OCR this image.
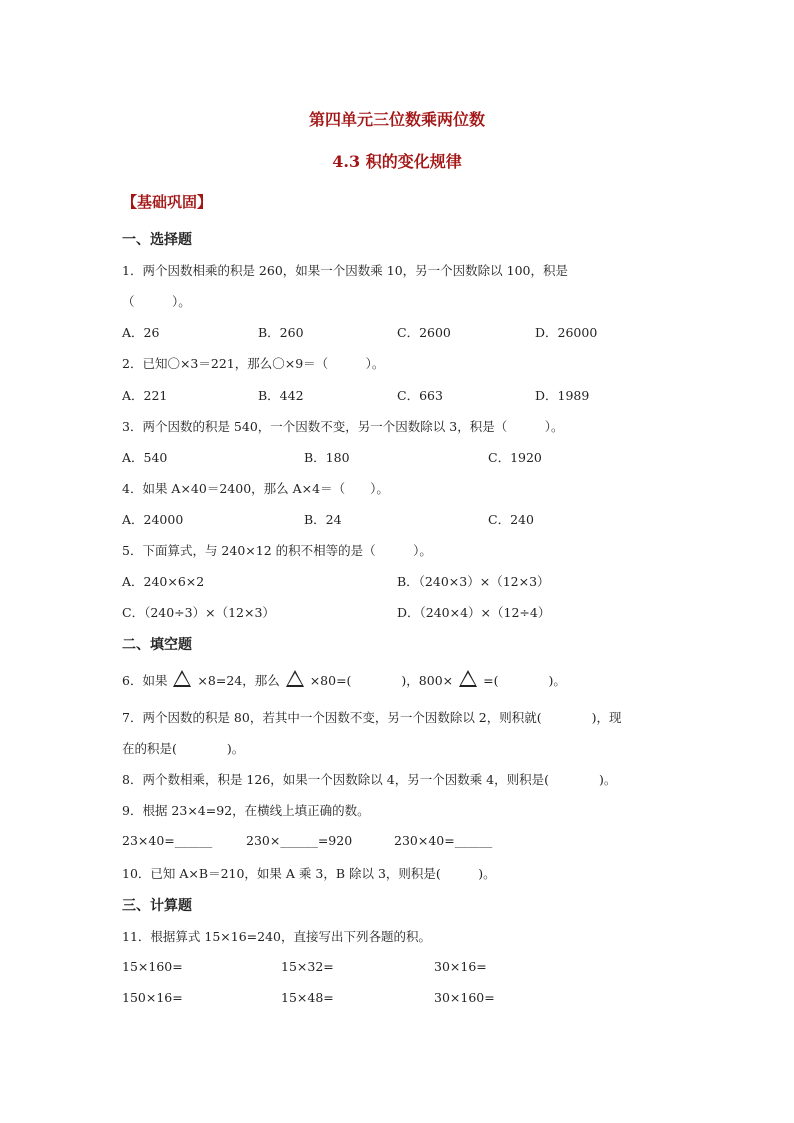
第四单元三位数乘两位数
4.3 积的变化规律
【基础巩固】
一、选择题
1．两个因数相乘的积是 260，如果一个因数乘 10，另一个因数除以 100，积是
（　　　）。
A．26	B．260	C．2600	D．26000
2．已知〇×3＝221，那么〇×9＝（　　　）。
A．221	B．442	C．663	D．1989
3．两个因数的积是 540，一个因数不变，另一个因数除以 3，积是（　　　）。
A．540	B．180	C．1920
4．如果 A×40＝2400，那么 A×4＝（　　）。
A．24000	B．24	C．240
5．下面算式，与 240×12 的积不相等的是（　　　）。
A．240×6×2	B．（240×3）×（12×3）
C．（240÷3）×（12×3）	D．（240×4）×（12÷4）
二、填空题
6．如果 ×8=24，那么 ×80=(　　　　)，800× =(　　　　)。
7．两个因数的积是 80，若其中一个因数不变，另一个因数除以 2，则积就(　　　　)，现
在的积是(　　　　)。
8．两个数相乘，积是 126，如果一个因数除以 4，另一个因数乘 4，则积是(　　　　)。
9．根据 23×4=92，在横线上填正确的数。
23×40=______	230×______=920	230×40=______
10．已知 A×B＝210，如果 A 乘 3，B 除以 3，则积是(　　　)。
三、计算题
11．根据算式 15×16=240，直接写出下列各题的积。
15×160=	15×32=	30×16=
150×16=	15×48=	30×160=
